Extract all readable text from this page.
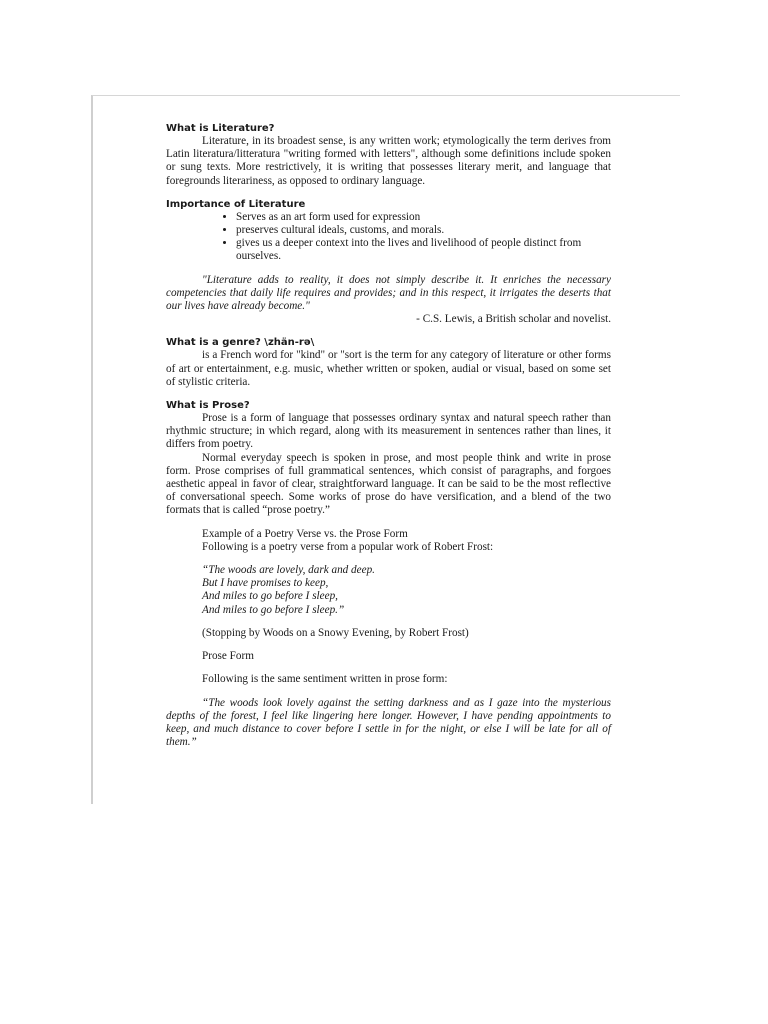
What is Literature?

Literature, in its broadest sense, is any written work; etymologically the term derives from Latin literatura/litteratura "writing formed with letters", although some definitions include spoken or sung texts. More restrictively, it is writing that possesses literary merit, and language that foregrounds literariness, as opposed to ordinary language.

Importance of Literature

• Serves as an art form used for expression
• preserves cultural ideals, customs, and morals.
• gives us a deeper context into the lives and livelihood of people distinct from ourselves.

"Literature adds to reality, it does not simply describe it. It enriches the necessary competencies that daily life requires and provides; and in this respect, it irrigates the deserts that our lives have already become."

- C.S. Lewis, a British scholar and novelist.

What is a genre? \zhän-rə\

is a French word for "kind" or "sort is the term for any category of literature or other forms of art or entertainment, e.g. music, whether written or spoken, audial or visual, based on some set of stylistic criteria.

What is Prose?

Prose is a form of language that possesses ordinary syntax and natural speech rather than rhythmic structure; in which regard, along with its measurement in sentences rather than lines, it differs from poetry.

Normal everyday speech is spoken in prose, and most people think and write in prose form. Prose comprises of full grammatical sentences, which consist of paragraphs, and forgoes aesthetic appeal in favor of clear, straightforward language. It can be said to be the most reflective of conversational speech. Some works of prose do have versification, and a blend of the two formats that is called “prose poetry.”

Example of a Poetry Verse vs. the Prose Form

Following is a poetry verse from a popular work of Robert Frost:

“The woods are lovely, dark and deep.

But I have promises to keep,

And miles to go before I sleep,

And miles to go before I sleep.”

(Stopping by Woods on a Snowy Evening, by Robert Frost)

Prose Form

Following is the same sentiment written in prose form:

“The woods look lovely against the setting darkness and as I gaze into the mysterious depths of the forest, I feel like lingering here longer. However, I have pending appointments to keep, and much distance to cover before I settle in for the night, or else I will be late for all of them.”
